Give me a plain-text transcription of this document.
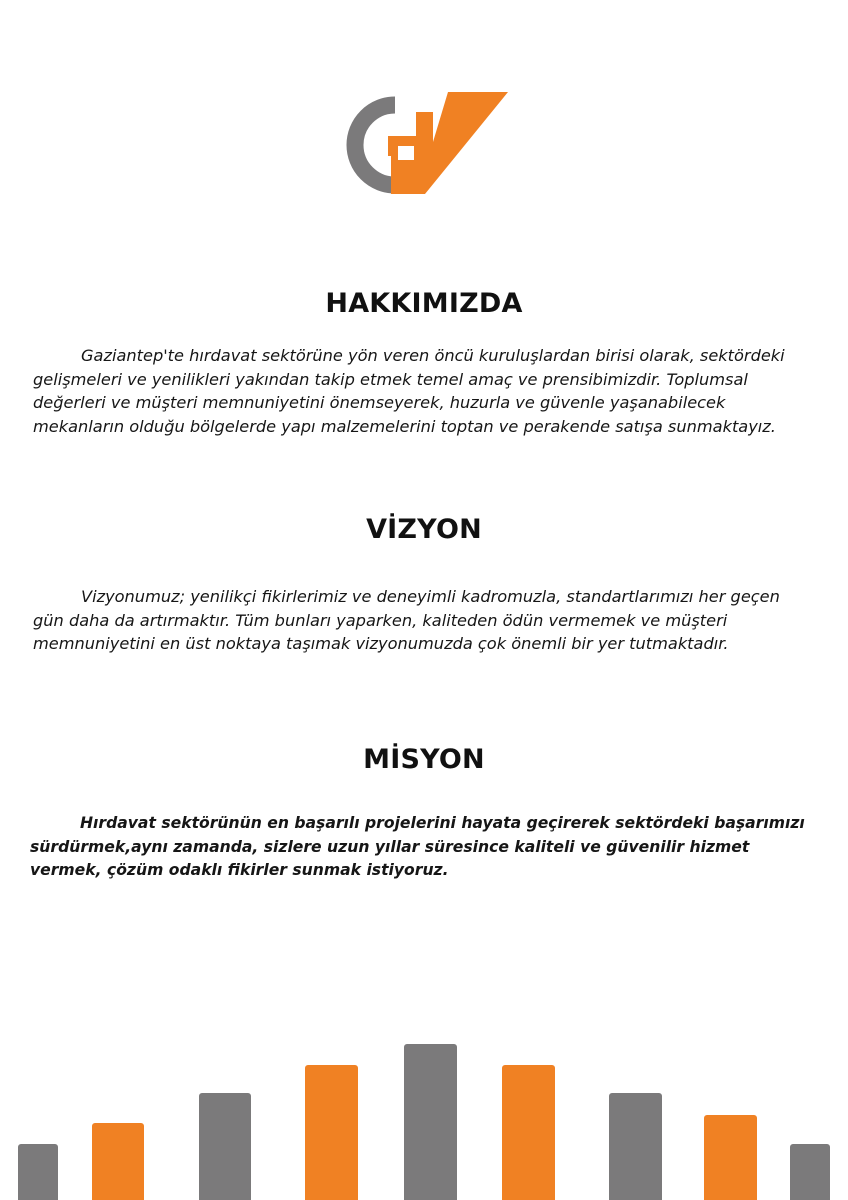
HAKKIMIZDA

Gaziantep'te hırdavat sektörüne yön veren öncü kuruluşlardan birisi olarak, sektördeki gelişmeleri ve yenilikleri yakından takip etmek temel amaç ve prensibimizdir. Toplumsal değerleri ve müşteri memnuniyetini önemseyerek, huzurla ve güvenle yaşanabilecek mekanların olduğu bölgelerde yapı malzemelerini toptan ve perakende satışa sunmaktayız.

VİZYON

Vizyonumuz; yenilikçi fikirlerimiz ve deneyimli kadromuzla, standartlarımızı her geçen gün daha da artırmaktır. Tüm bunları yaparken, kaliteden ödün vermemek ve müşteri memnuniyetini en üst noktaya taşımak vizyonumuzda çok önemli bir yer tutmaktadır.

MİSYON

Hırdavat sektörünün en başarılı projelerini hayata geçirerek sektördeki başarımızı sürdürmek,aynı zamanda, sizlere uzun yıllar süresince kaliteli ve güvenilir hizmet vermek, çözüm odaklı fikirler sunmak istiyoruz.
